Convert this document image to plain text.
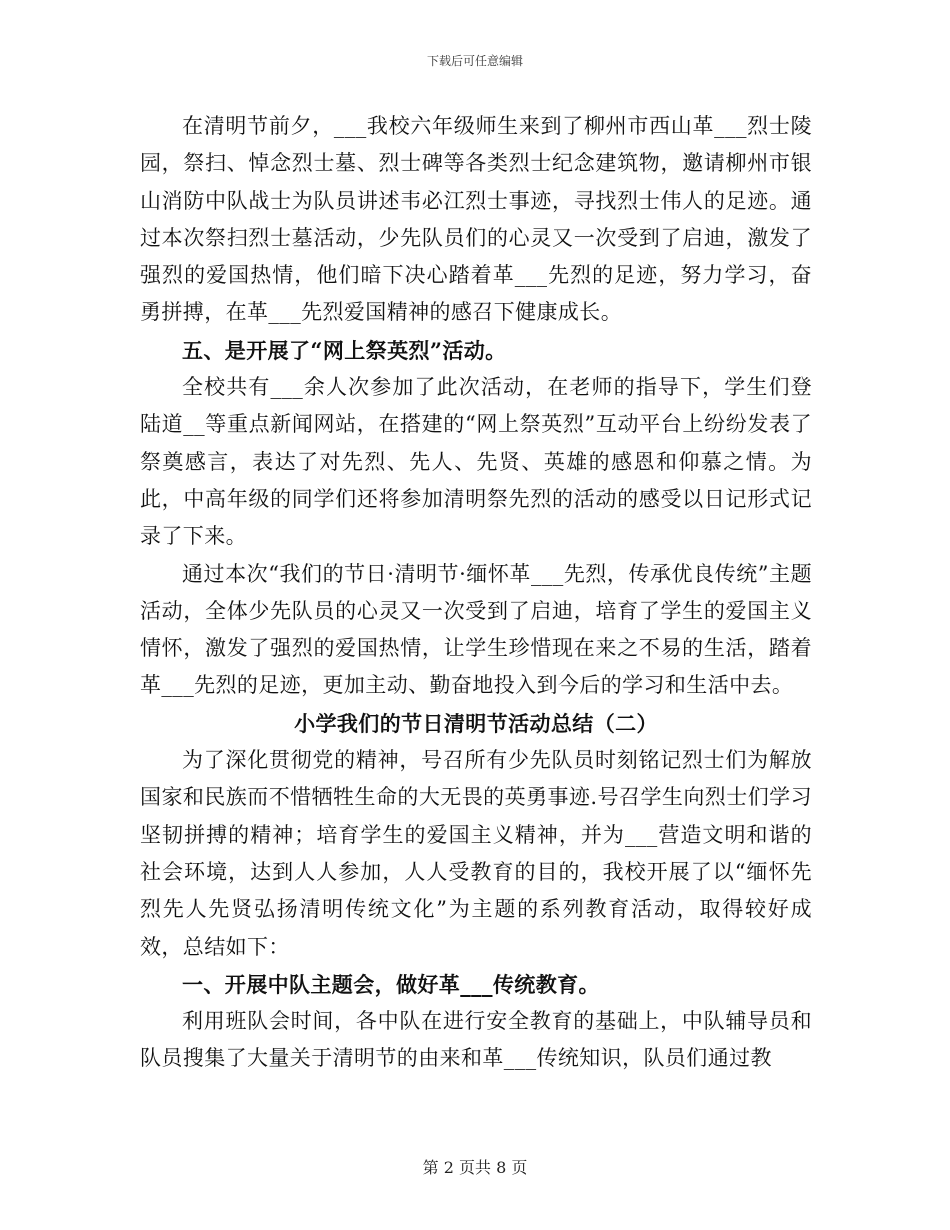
下载后可任意编辑

在清明节前夕，___我校六年级师生来到了柳州市西山革___烈士陵园，祭扫、悼念烈士墓、烈士碑等各类烈士纪念建筑物，邀请柳州市银山消防中队战士为队员讲述韦必江烈士事迹，寻找烈士伟人的足迹。通过本次祭扫烈士墓活动，少先队员们的心灵又一次受到了启迪，激发了强烈的爱国热情，他们暗下决心踏着革___先烈的足迹，努力学习，奋勇拼搏，在革___先烈爱国精神的感召下健康成长。

五、是开展了“网上祭英烈”活动。

全校共有___余人次参加了此次活动，在老师的指导下，学生们登陆道__等重点新闻网站，在搭建的“网上祭英烈”互动平台上纷纷发表了祭奠感言，表达了对先烈、先人、先贤、英雄的感恩和仰慕之情。为此，中高年级的同学们还将参加清明祭先烈的活动的感受以日记形式记录了下来。

通过本次“我们的节日·清明节·缅怀革___先烈，传承优良传统”主题活动，全体少先队员的心灵又一次受到了启迪，培育了学生的爱国主义情怀，激发了强烈的爱国热情，让学生珍惜现在来之不易的生活，踏着革___先烈的足迹，更加主动、勤奋地投入到今后的学习和生活中去。

小学我们的节日清明节活动总结（二）

为了深化贯彻党的精神，号召所有少先队员时刻铭记烈士们为解放国家和民族而不惜牺牲生命的大无畏的英勇事迹.号召学生向烈士们学习坚韧拼搏的精神；培育学生的爱国主义精神，并为___营造文明和谐的社会环境，达到人人参加，人人受教育的目的，我校开展了以“缅怀先烈先人先贤弘扬清明传统文化”为主题的系列教育活动，取得较好成效，总结如下：

一、开展中队主题会，做好革___传统教育。

利用班队会时间，各中队在进行安全教育的基础上，中队辅导员和队员搜集了大量关于清明节的由来和革___传统知识，队员们通过教

第 2 页共 8 页
